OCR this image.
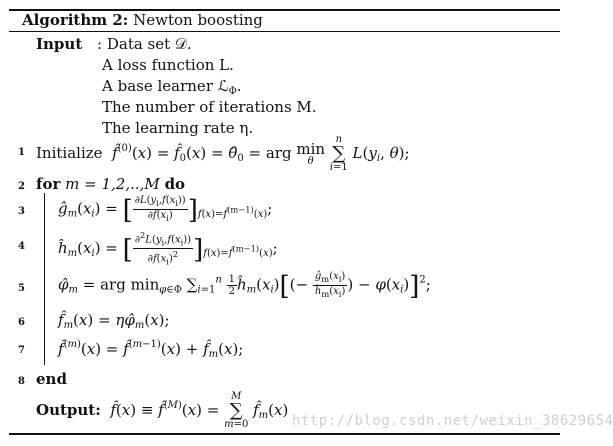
Algorithm 2: Newton boosting
Input : Data set 𝒟.
A loss function L.
A base learner ℒ$_\Phi$.
The number of iterations M.
The learning rate η.
1 Initialize  f̂$^{(0)}$(x) = $f̂_0(x)$ = $\thetâ_0$ = arg min
θ

n
∑
i=1
$L(y_i$, θ);
2 for m = 1,2,..,M do
3 $ĝ_m(x_i)$ = [ $\frac{\partial L(y_i,f(x_i))}{\partial f(x_i)} ]_{f(x)=f̂^{(m-1)}(x)}$;
4 $ĥ_m(x_i)$ = [ $\frac{\partial^2L(y_i,f(x_i))}{\partial f(x_i)^2} ]_{f(x)=f̂^{(m-1)}(x)}$;
5 $\varphî_m$ = arg $\min_{\varphi\in\Phi} \sum_{i=1}^n \frac{1}{2}$ $ĥ_m(x_i)[(- \frac{ĝ_m(x_i)}{ĥ_m(x_i)}$ ) − $\varphi(x_i)]^2$;
6 $f̂_m(x)$ = $\eta\varphî_m(x)$;
7 f̂$^{(m)}$(x) = f̂$^{(m-1)}$(x) + $f̂_m(x)$;
8 end
Output:  f̂(x) ≡ f̂$^{(M)}$(x) =
M
∑
m=0
$f̂_m(x)$
http://blog.csdn.net/weixin_38629654
